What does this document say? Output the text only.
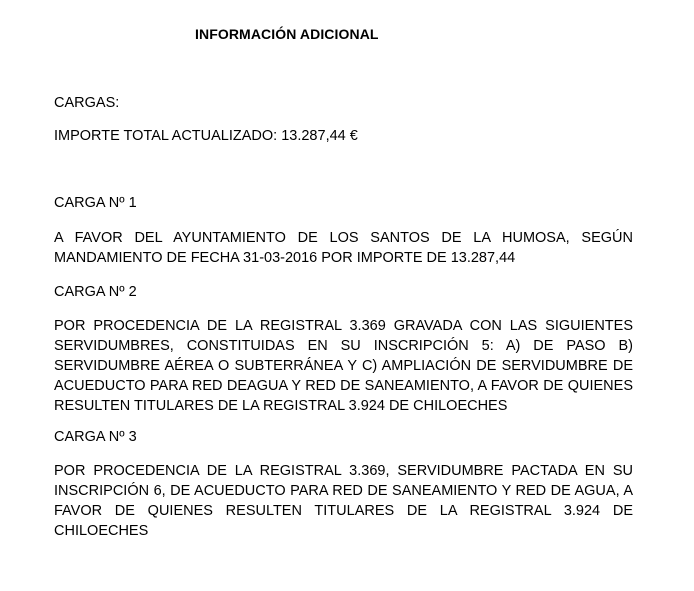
INFORMACIÓN ADICIONAL

CARGAS:

IMPORTE TOTAL ACTUALIZADO: 13.287,44 €

CARGA Nº 1

A FAVOR DEL AYUNTAMIENTO DE LOS SANTOS DE LA HUMOSA, SEGÚN MANDAMIENTO DE FECHA 31-03-2016 POR IMPORTE DE 13.287,44

CARGA Nº 2

POR PROCEDENCIA DE LA REGISTRAL 3.369 GRAVADA CON LAS SIGUIENTES SERVIDUMBRES, CONSTITUIDAS EN SU INSCRIPCIÓN 5: A) DE PASO B) SERVIDUMBRE AÉREA O SUBTERRÁNEA Y C) AMPLIACIÓN DE SERVIDUMBRE DE ACUEDUCTO PARA RED DEAGUA Y RED DE SANEAMIENTO, A FAVOR DE QUIENES RESULTEN TITULARES DE LA REGISTRAL 3.924 DE CHILOECHES

CARGA Nº 3

POR PROCEDENCIA DE LA REGISTRAL 3.369, SERVIDUMBRE PACTADA EN SU INSCRIPCIÓN 6, DE ACUEDUCTO PARA RED DE SANEAMIENTO Y RED DE AGUA, A FAVOR DE QUIENES RESULTEN TITULARES DE LA REGISTRAL 3.924 DE CHILOECHES
